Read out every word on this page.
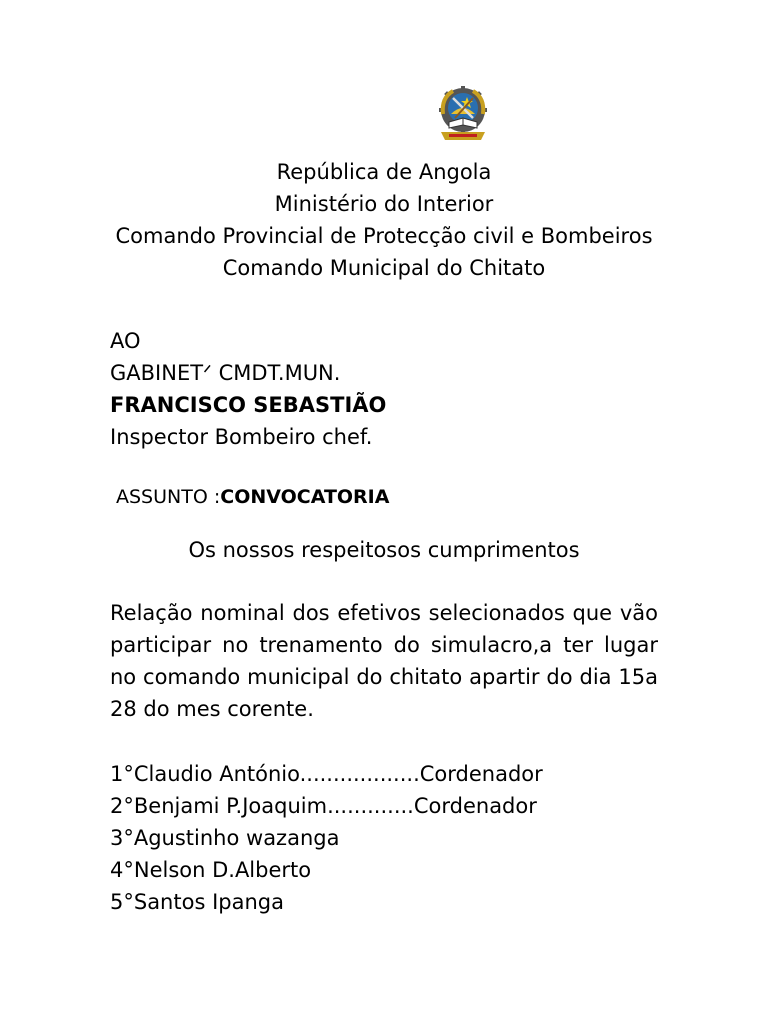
República de Angola
Ministério do Interior
Comando Provincial de Protecção civil e Bombeiros
Comando Municipal do Chitato
AO
GABINETᐟ CMDT.MUN.
FRANCISCO SEBASTIÃO
Inspector Bombeiro chef.
ASSUNTO :CONVOCATORIA
Os nossos respeitosos cumprimentos
Relação nominal dos efetivos selecionados que vão participar no trenamento do simulacro,a ter lugar no comando municipal do chitato apartir do dia 15a 28 do mes corente.
1°Claudio António..................Cordenador
2°Benjami P.Joaquim.............Cordenador
3°Agustinho wazanga
4°Nelson D.Alberto
5°Santos Ipanga
